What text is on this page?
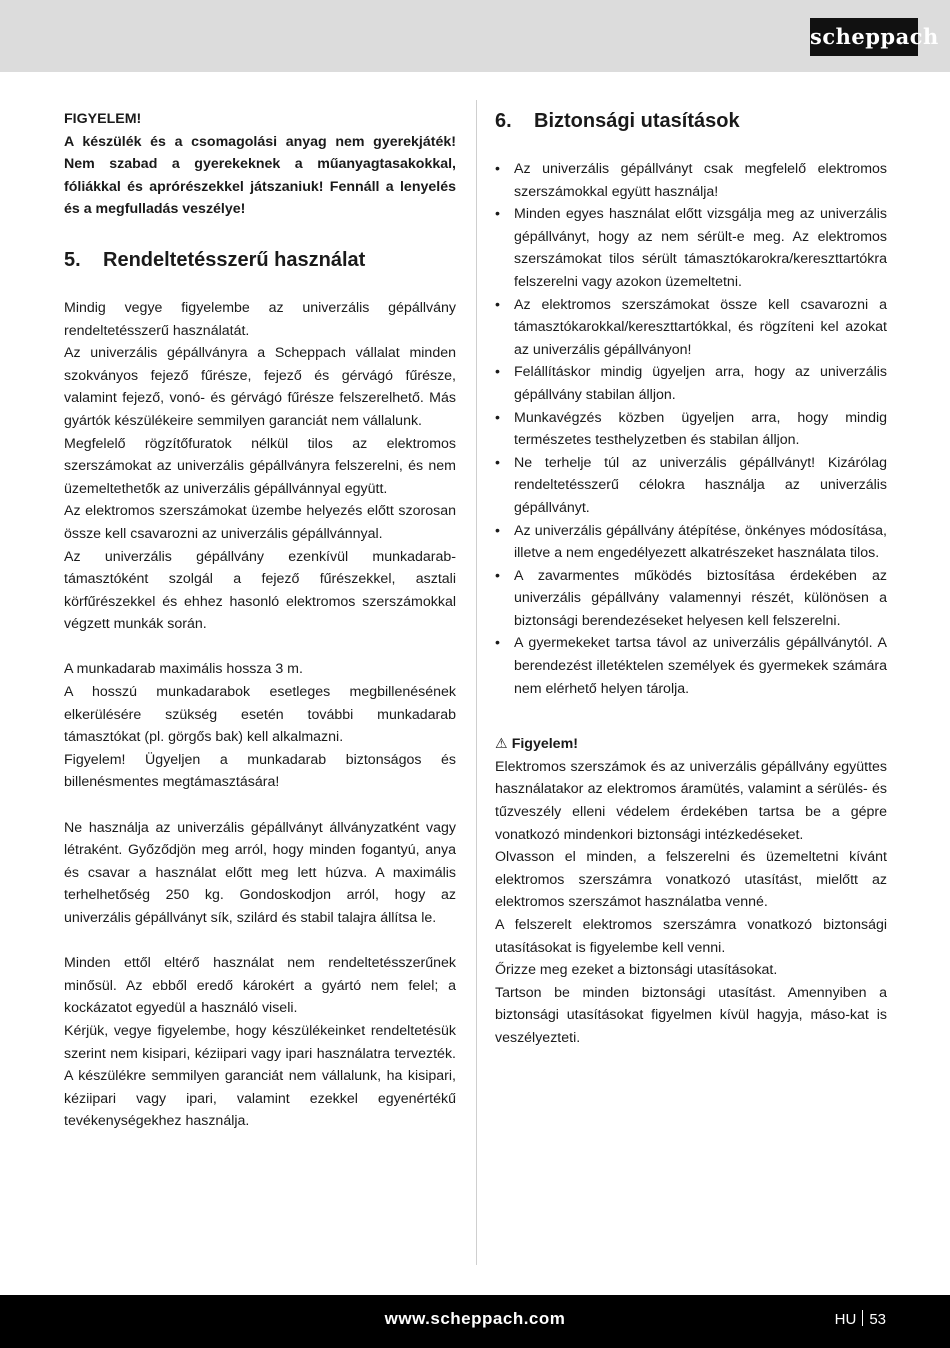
scheppach

FIGYELEM!
A készülék és a csomagolási anyag nem gyerekjáték! Nem szabad a gyerekeknek a műanyagtasakokkal, fóliákkal és aprórészekkel játszaniuk! Fennáll a lenyelés és a megfulladás veszélye!

5. Rendeltetésszerű használat

Mindig vegye figyelembe az univerzális gépállvány rendeltetésszerű használatát.

Az univerzális gépállványra a Scheppach vállalat minden szokványos fejező fűrésze, fejező és gérvágó fűrésze, valamint fejező, vonó- és gérvágó fűrésze felszerelhető. Más gyártók készülékeire semmilyen garanciát nem vállalunk.

Megfelelő rögzítőfuratok nélkül tilos az elektromos szerszámokat az univerzális gépállványra felszerelni, és nem üzemeltethetők az univerzális gépállvánnyal együtt.

Az elektromos szerszámokat üzembe helyezés előtt szorosan össze kell csavarozni az univerzális gépállvánnyal.

Az univerzális gépállvány ezenkívül munkadarab-támasztóként szolgál a fejező fűrészekkel, asztali körfűrészekkel és ehhez hasonló elektromos szerszámokkal végzett munkák során.

A munkadarab maximális hossza 3 m.

A hosszú munkadarabok esetleges megbillenésének elkerülésére szükség esetén további munkadarab támasztókat (pl. görgős bak) kell alkalmazni.

Figyelem! Ügyeljen a munkadarab biztonságos és billenésmentes megtámasztására!

Ne használja az univerzális gépállványt állványzatként vagy létraként. Győződjön meg arról, hogy minden fogantyú, anya és csavar a használat előtt meg lett húzva. A maximális terhelhetőség 250 kg. Gondoskodjon arról, hogy az univerzális gépállványt sík, szilárd és stabil talajra állítsa le.

Minden ettől eltérő használat nem rendeltetésszerűnek minősül. Az ebből eredő károkért a gyártó nem felel; a kockázatot egyedül a használó viseli.

Kérjük, vegye figyelembe, hogy készülékeinket rendeltetésük szerint nem kisipari, kéziipari vagy ipari használatra tervezték. A készülékre semmilyen garanciát nem vállalunk, ha kisipari, kéziipari vagy ipari, valamint ezekkel egyenértékű tevékenységekhez használja.

6. Biztonsági utasítások
• Az univerzális gépállványt csak megfelelő elektromos szerszámokkal együtt használja!
• Minden egyes használat előtt vizsgálja meg az univerzális gépállványt, hogy az nem sérült-e meg. Az elektromos szerszámokat tilos sérült támasztókarokra/kereszttartókra felszerelni vagy azokon üzemeltetni.
• Az elektromos szerszámokat össze kell csavarozni a támasztókarokkal/kereszttartókkal, és rögzíteni kel azokat az univerzális gépállványon!
• Felállításkor mindig ügyeljen arra, hogy az univerzális gépállvány stabilan álljon.
• Munkavégzés közben ügyeljen arra, hogy mindig természetes testhelyzetben és stabilan álljon.
• Ne terhelje túl az univerzális gépállványt! Kizárólag rendeltetésszerű célokra használja az univerzális gépállványt.
• Az univerzális gépállvány átépítése, önkényes módosítása, illetve a nem engedélyezett alkatrészeket használata tilos.
• A zavarmentes működés biztosítása érdekében az univerzális gépállvány valamennyi részét, különösen a biztonsági berendezéseket helyesen kell felszerelni.
• A gyermekeket tartsa távol az univerzális gépállványtól. A berendezést illetéktelen személyek és gyermekek számára nem elérhető helyen tárolja.

⚠ Figyelem!

Elektromos szerszámok és az univerzális gépállvány együttes használatakor az elektromos áramütés, valamint a sérülés- és tűzveszély elleni védelem érdekében tartsa be a gépre vonatkozó mindenkori biztonsági intézkedéseket.

Olvasson el minden, a felszerelni és üzemeltetni kívánt elektromos szerszámra vonatkozó utasítást, mielőtt az elektromos szerszámot használatba venné.

A felszerelt elektromos szerszámra vonatkozó biztonsági utasításokat is figyelembe kell venni.

Őrizze meg ezeket a biztonsági utasításokat.

Tartson be minden biztonsági utasítást. Amennyiben a biztonsági utasításokat figyelmen kívül hagyja, máso-kat is veszélyezteti.

www.scheppach.com	HU 53
